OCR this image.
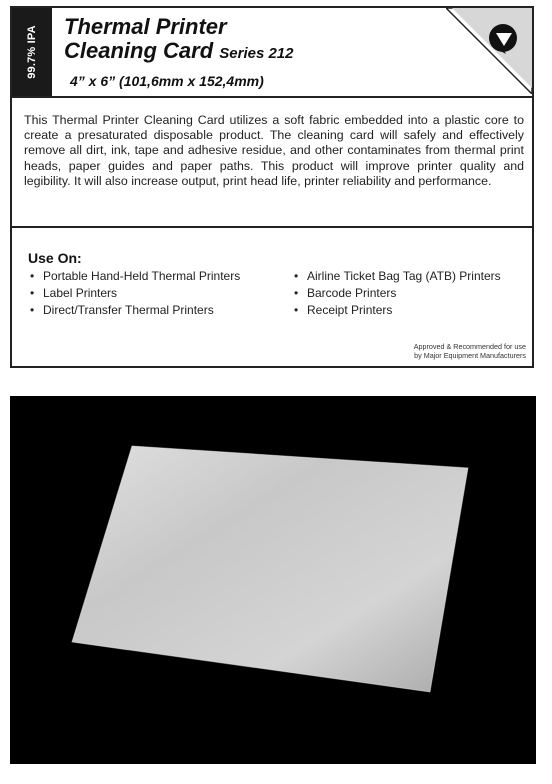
99.7% IPA Thermal Printer
Cleaning Card Series 212
4” x 6” (101,6mm x 152,4mm)
This Thermal Printer Cleaning Card utilizes a soft fabric embedded into a plastic core to create a presaturated disposable product. The cleaning card will safely and effectively remove all dirt, ink, tape and adhesive residue, and other contaminates from thermal print heads, paper guides and paper paths. This product will improve printer quality and legibility. It will also increase output, print head life, printer reliability and performance.
Use On:
• Portable Hand-Held Thermal Printers
• Label Printers
• Direct/Transfer Thermal Printers
• Airline Ticket Bag Tag (ATB) Printers
• Barcode Printers
• Receipt Printers
Approved & Recommended for use
by Major Equipment Manufacturers
